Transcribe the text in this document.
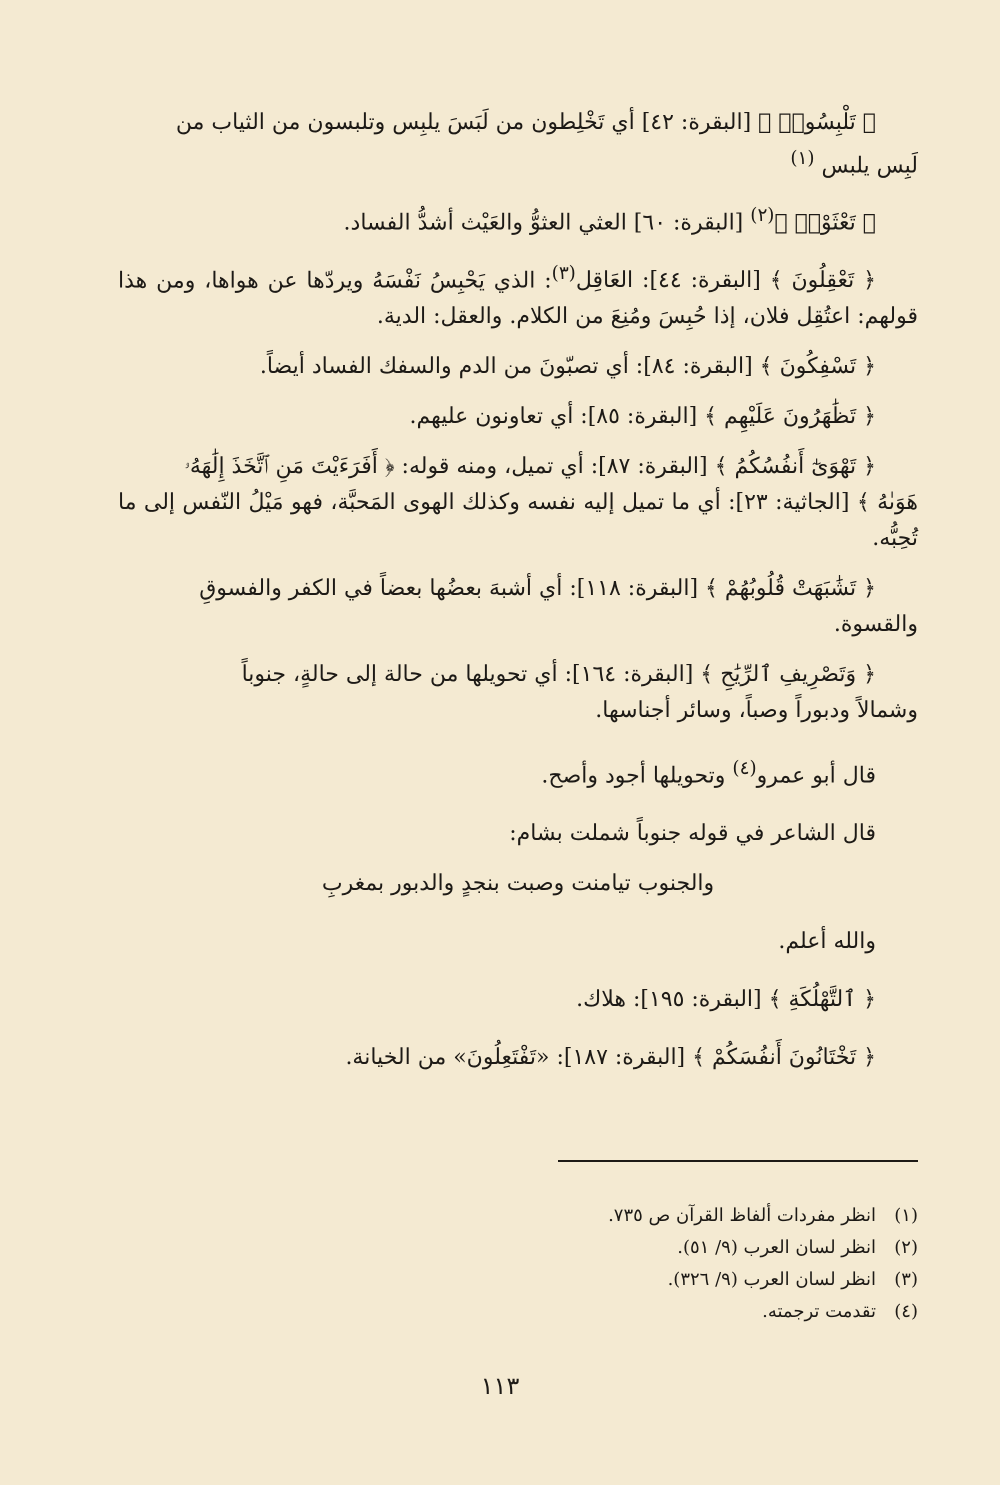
﴿ تَلْبِسُوا۟ ﴾ [البقرة: ٤٢] أي تَخْلِطون من لَبَسَ يلبِس وتلبسون من الثياب من
لَبِس يلبس $^{(١)}$

﴿ تَعْثَوْا۟ ﴾$^{(٢)}$ [البقرة: ٦٠] العثي العثوُّ والعَيْث أشدُّ الفساد.

﴿ تَعْقِلُونَ ﴾ [البقرة: ٤٤]: العَاقِل$^{(٣)}$: الذي يَحْبِسُ نَفْسَهُ ويردّها عن هواها، ومن هذا قولهم: اعتُقِل فلان، إذا حُبِسَ ومُنِعَ من الكلام. والعقل: الدية.

﴿ تَسْفِكُونَ ﴾ [البقرة: ٨٤]: أي تصبّونَ من الدم والسفك الفساد أيضاً.

﴿ تَظَٰهَرُونَ عَلَيْهِم ﴾ [البقرة: ٨٥]: أي تعاونون عليهم.

﴿ تَهْوَىٰٓ أَنفُسُكُمُ ﴾ [البقرة: ٨٧]: أي تميل، ومنه قوله: ﴿ أَفَرَءَيْتَ مَنِ ٱتَّخَذَ إِلَٰهَهُۥ
هَوَىٰهُ ﴾ [الجاثية: ٢٣]: أي ما تميل إليه نفسه وكذلك الهوى المَحبَّة، فهو مَيْلُ النّفس إلى ما تُحِبُّه.

﴿ تَشَٰبَهَتْ قُلُوبُهُمْ ﴾ [البقرة: ١١٨]: أي أشبهَ بعضُها بعضاً في الكفر والفسوقِ
والقسوة.

﴿ وَتَصْرِيفِ ٱلرِّيَٰحِ ﴾ [البقرة: ١٦٤]: أي تحويلها من حالة إلى حالةٍ، جنوباً
وشمالاً ودبوراً وصباً، وسائر أجناسها.

قال أبو عمرو$^{(٤)}$ وتحويلها أجود وأصح.

قال الشاعر في قوله جنوباً شملت بشام:

والجنوب تيامنت وصبت بنجدٍ والدبور بمغربِ

والله أعلم.

﴿ ٱلتَّهْلُكَةِ ﴾ [البقرة: ١٩٥]: هلاك.

﴿ تَخْتَانُونَ أَنفُسَكُمْ ﴾ [البقرة: ١٨٧]: «تَفْتَعِلُونَ» من الخيانة.

(١)
انظر مفردات ألفاظ القرآن ص ٧٣٥.
(٢)
انظر لسان العرب (٩/ ٥١).
(٣)
انظر لسان العرب (٩/ ٣٢٦).
(٤)
تقدمت ترجمته.
١١٣
